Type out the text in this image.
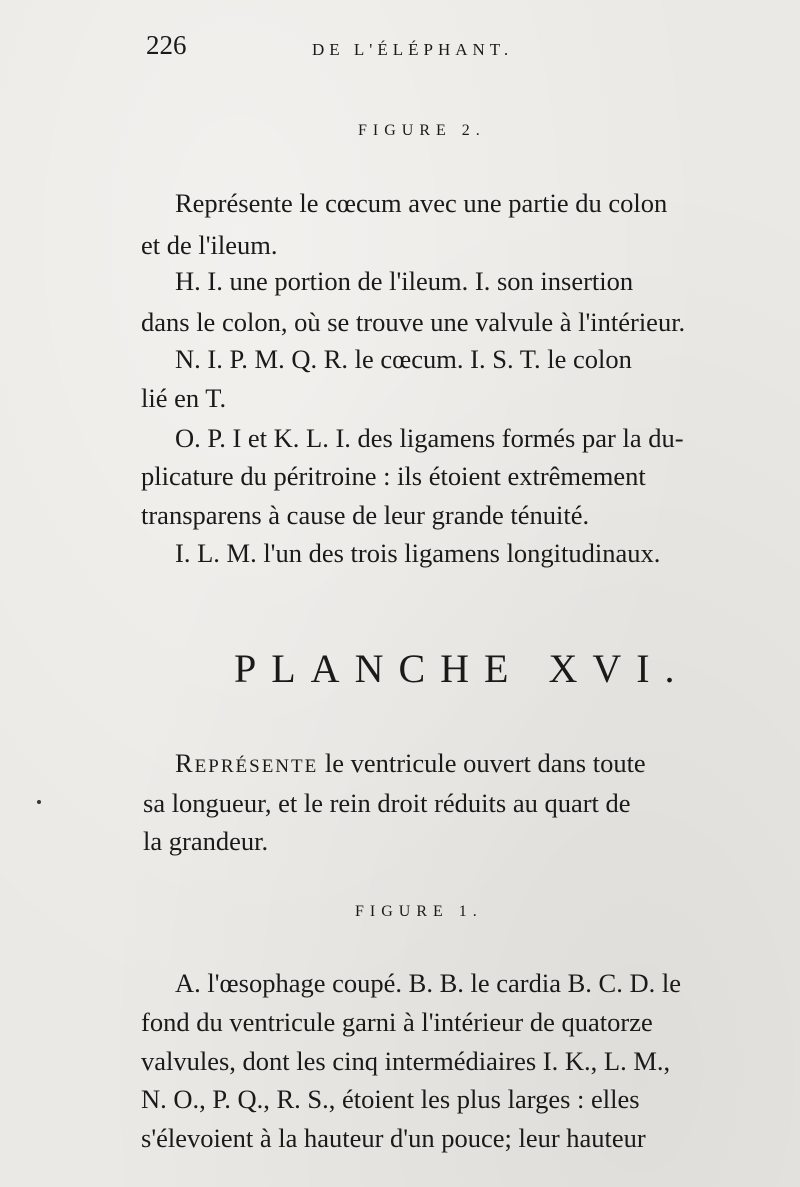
226	DE L'ÉLÉPHANT.
FIGURE 2.
Représente le cœcum avec une partie du colon
et de l'ileum.
H. I. une portion de l'ileum. I. son insertion
dans le colon, où se trouve une valvule à l'intérieur.
N. I. P. M. Q. R. le cœcum. I. S. T. le colon
lié en T.
O. P. I et K. L. I. des ligamens formés par la du-
plicature du péritroine : ils étoient extrêmement
transparens à cause de leur grande ténuité.
I. L. M. l'un des trois ligamens longitudinaux.
PLANCHE XVI.
Représente le ventricule ouvert dans toute
sa longueur, et le rein droit réduits au quart de
la grandeur.
FIGURE 1.
A. l'œsophage coupé. B. B. le cardia B. C. D. le
fond du ventricule garni à l'intérieur de quatorze
valvules, dont les cinq intermédiaires I. K., L. M.,
N. O., P. Q., R. S., étoient les plus larges : elles
s'élevoient à la hauteur d'un pouce; leur hauteur
